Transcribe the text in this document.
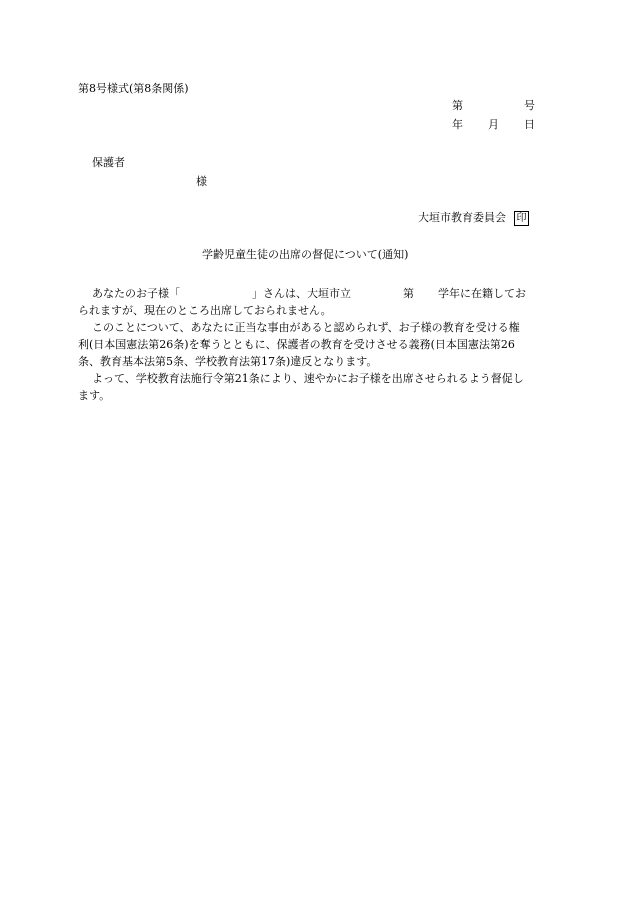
第8号様式(第8条関係)
第	号
年 月 日
保護者
様
大垣市教育委員会 印
学齢児童生徒の出席の督促について(通知)
あなたのお子様「	」さんは、大垣市立	第 学年に在籍してお
られますが、現在のところ出席しておられません。
このことについて、あなたに正当な事由があると認められず、お子様の教育を受ける権
利(日本国憲法第26条)を奪うとともに、保護者の教育を受けさせる義務(日本国憲法第26
条、教育基本法第5条、学校教育法第17条)違反となります。
よって、学校教育法施行令第21条により、速やかにお子様を出席させられるよう督促し
ます。
